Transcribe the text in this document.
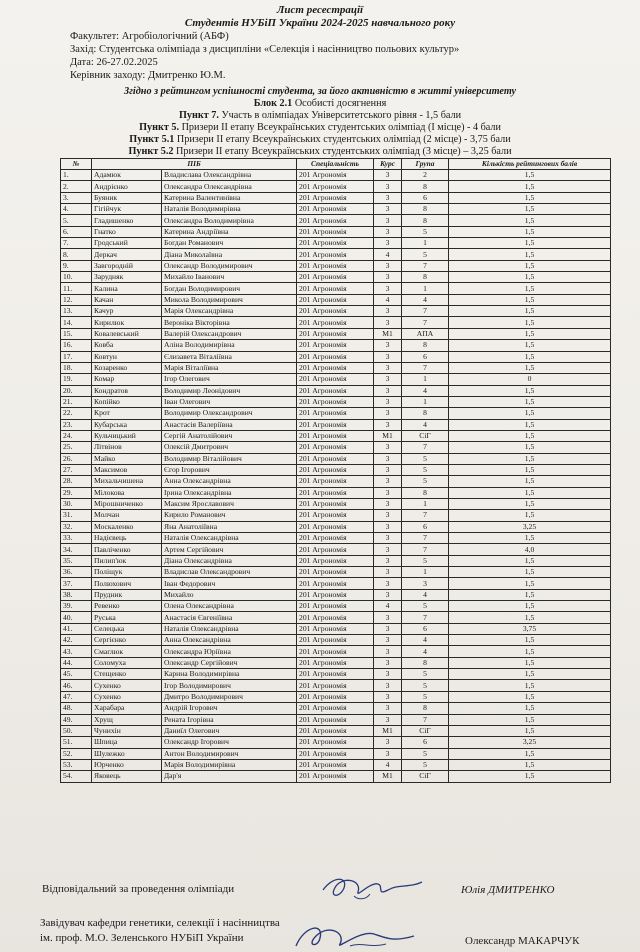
Лист ресестрації
Студентів НУБіП України 2024-2025 навчального року
Факультет: Агробіологічний (АБФ)
Захід: Студентська олімпіада з дисципліни «Селекція і насінництво польових культур»
Дата: 26-27.02.2025
Керівник заходу: Дмитренко Ю.М.
Згідно з рейтингом успішності студента, за його активністю в житті університету
Блок 2.1 Особисті досягнення
Пункт 7. Участь в олімпіадах Університетського рівня - 1,5 бали
Пункт 5. Призери ІІ етапу Всеукраїнських студентських олімпіад (І місце) - 4 бали
Пункт 5.1 Призери ІІ етапу Всеукраїнських студентських олімпіад (2 місце) - 3,75 бали
Пункт 5.2 Призери ІІ етапу Всеукраїнських студентських олімпіад (3 місце) – 3,25 бали
№	ПІБ		Спеціальність	Курс	Група	Кількість рейтингових балів
1.	Адамюк	Владислава Олександрівна	201 Агрономія	3	2	1,5
2.	Андрієнко	Олександра Олександрівна	201 Агрономія	3	8	1,5
3.	Буяник	Катерина Валентинівна	201 Агрономія	3	6	1,5
4.	Гігійчук	Наталія Володимирівна	201 Агрономія	3	8	1,5
5.	Гладишенко	Олександра Володимирівна	201 Агрономія	3	8	1,5
6.	Гнатко	Катерина Андріївна	201 Агрономія	3	5	1,5
7.	Гродський	Богдан Романович	201 Агрономія	3	1	1,5
8.	Деркач	Діана Миколаївна	201 Агрономія	4	5	1,5
9.	Завгородній	Олександр Володимирович	201 Агрономія	3	7	1,5
10.	Зарудняк	Михайло Іванович	201 Агрономія	3	8	1,5
11.	Калина	Богдан Володимирович	201 Агрономія	3	1	1,5
12.	Качан	Микола Володимирович	201 Агрономія	4	4	1,5
13.	Качур	Марія Олександрівна	201 Агрономія	3	7	1,5
14.	Кирилюк	Вероніка Вікторівна	201 Агрономія	3	7	1,5
15.	Ковалевський	Валерій Олександрович	201 Агрономія	М1	АПА	1,5
16.	Ковба	Аліна Володимирівна	201 Агрономія	3	8	1,5
17.	Ковтун	Єлизавета Віталіївна	201 Агрономія	3	6	1,5
18.	Козаренко	Марія Віталіївна	201 Агрономія	3	7	1,5
19.	Комар	Ігор Олегович	201 Агрономія	3	1	0
20.	Кондратов	Володимир Леонідович	201 Агрономія	3	4	1,5
21.	Копійко	Іван Олегович	201 Агрономія	3	1	1,5
22.	Крот	Володимир Олександрович	201 Агрономія	3	8	1,5
23.	Кубарська	Анастасія Валеріївна	201 Агрономія	3	4	1,5
24.	Кульчицький	Сергій Анатолійович	201 Агрономія	М1	СіГ	1,5
25.	Літвінов	Олексій Дмитрович	201 Агрономія	3	7	1,5
26.	Майко	Володимир Віталійович	201 Агрономія	3	5	1,5
27.	Максимов	Єгор Ігорович	201 Агрономія	3	5	1,5
28.	Михальчишена	Анна Олександрівна	201 Агрономія	3	5	1,5
29.	Мілокова	Ірина Олександрівна	201 Агрономія	3	8	1,5
30.	Мірошниченко	Максим Ярославович	201 Агрономія	3	1	1,5
31.	Молчан	Кирило Романович	201 Агрономія	3	7	1,5
32.	Москаленко	Яна Анатоліївна	201 Агрономія	3	6	3,25
33.	Надієвець	Наталія Олександрівна	201 Агрономія	3	7	1,5
34.	Павліченко	Артем Сергійович	201 Агрономія	3	7	4,0
35.	Пилип'юк	Діана Олександрівна	201 Агрономія	3	5	1,5
36.	Поліщук	Владислав Олександрович	201 Агрономія	3	1	1,5
37.	Полюхович	Іван Федорович	201 Агрономія	3	3	1,5
38.	Прудник	Михайло	201 Агрономія	3	4	1,5
39.	Ревенко	Олена Олександрівна	201 Агрономія	4	5	1,5
40.	Руська	Анастасія Євгеніївна	201 Агрономія	3	7	1,5
41.	Селецька	Наталія Олександрівна	201 Агрономія	3	6	3,75
42.	Сергієнко	Анна Олександрівна	201 Агрономія	3	4	1,5
43.	Смаглюк	Олександра Юріївна	201 Агрономія	3	4	1,5
44.	Соломуха	Олександр Сергійович	201 Агрономія	3	8	1,5
45.	Стещенко	Карина Володимирівна	201 Агрономія	3	5	1,5
46.	Сухенко	Ігор Володимирович	201 Агрономія	3	5	1,5
47.	Сухенко	Дмитро Володимирович	201 Агрономія	3	5	1,5
48.	Харабара	Андрій Ігорович	201 Агрономія	3	8	1,5
49.	Хрущ	Рената Ігорівна	201 Агрономія	3	7	1,5
50.	Чунихін	Даниїл Олегович	201 Агрономія	М1	СіГ	1,5
51.	Шпица	Олександр Ігорович	201 Агрономія	3	6	3,25
52.	Шулежко	Антон Володимирович	201 Агрономія	3	5	1,5
53.	Юрченко	Марія Володимирівна	201 Агрономія	4	5	1,5
54.	Яковець	Дар'я	201 Агрономія	М1	СіГ	1,5
Відповідальний за проведення олімпіади	Юлія ДМИТРЕНКО
Завідувач кафедри генетики, селекції і насінництва
ім. проф. М.О. Зеленського НУБіП України	Олександр МАКАРЧУК
